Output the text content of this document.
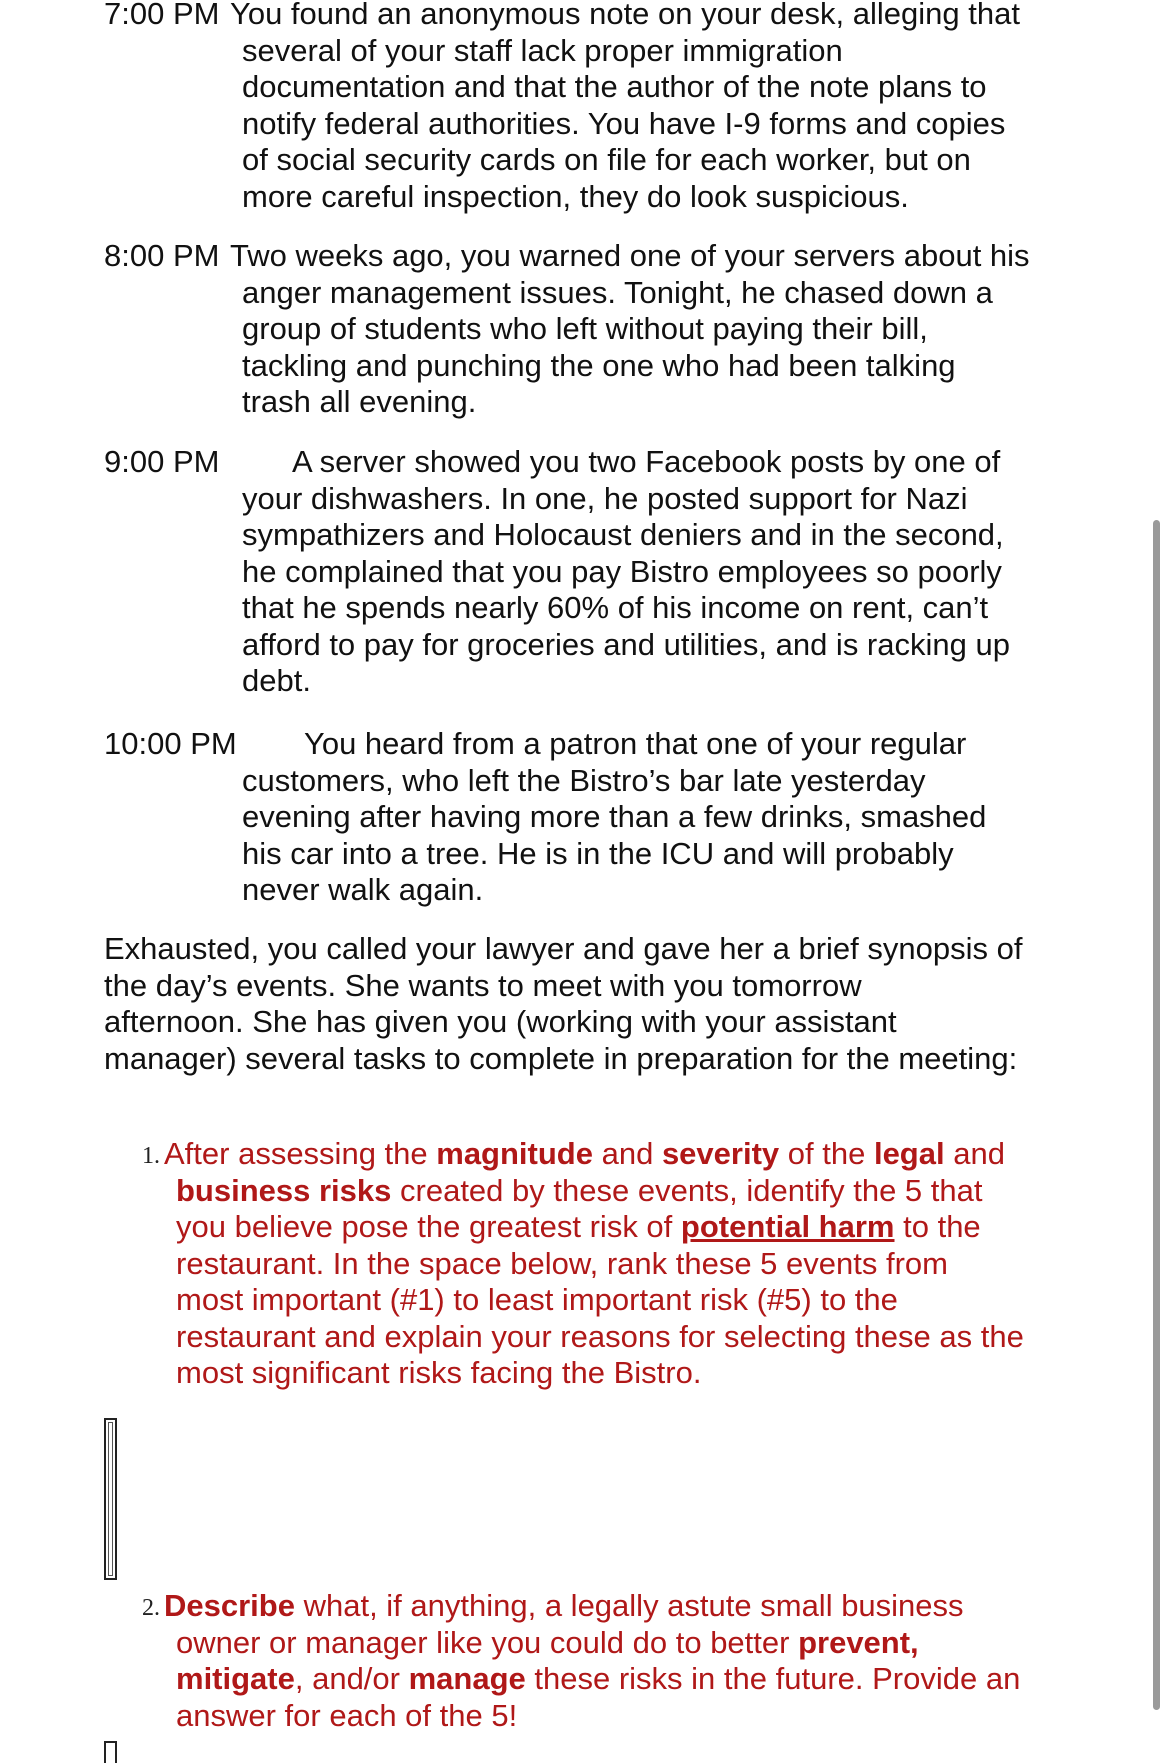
7:00 PM You found an anonymous note on your desk, alleging that
several of your staff lack proper immigration
documentation and that the author of the note plans to
notify federal authorities. You have I-9 forms and copies
of social security cards on file for each worker, but on
more careful inspection, they do look suspicious.
8:00 PM Two weeks ago, you warned one of your servers about his
anger management issues. Tonight, he chased down a
group of students who left without paying their bill,
tackling and punching the one who had been talking
trash all evening.
9:00 PM	A server showed you two Facebook posts by one of
your dishwashers. In one, he posted support for Nazi
sympathizers and Holocaust deniers and in the second,
he complained that you pay Bistro employees so poorly
that he spends nearly 60% of his income on rent, can’t
afford to pay for groceries and utilities, and is racking up
debt.
10:00 PM	You heard from a patron that one of your regular
customers, who left the Bistro’s bar late yesterday
evening after having more than a few drinks, smashed
his car into a tree. He is in the ICU and will probably
never walk again.
Exhausted, you called your lawyer and gave her a brief synopsis of
the day’s events. She wants to meet with you tomorrow
afternoon. She has given you (working with your assistant
manager) several tasks to complete in preparation for the meeting:
1. After assessing the magnitude and severity of the legal and
business risks created by these events, identify the 5 that
you believe pose the greatest risk of potential harm to the
restaurant. In the space below, rank these 5 events from
most important (#1) to least important risk (#5) to the
restaurant and explain your reasons for selecting these as the
most significant risks facing the Bistro.
2. Describe what, if anything, a legally astute small business
owner or manager like you could do to better prevent,
mitigate, and/or manage these risks in the future. Provide an
answer for each of the 5!
